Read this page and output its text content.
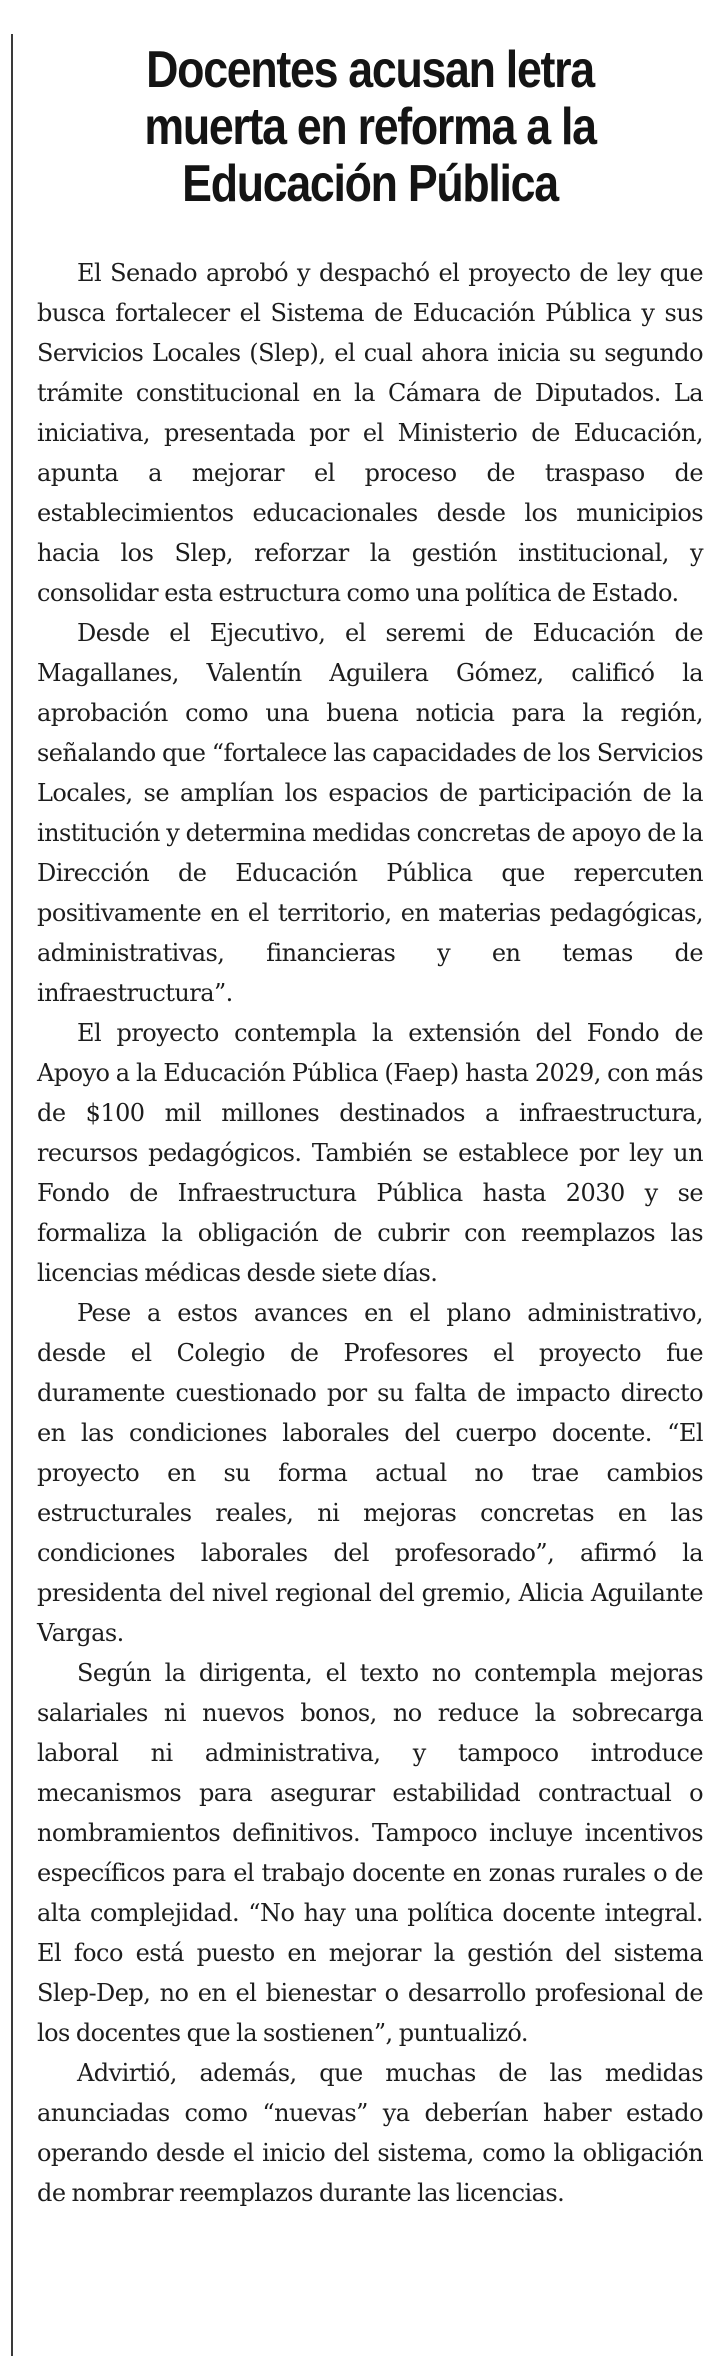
Docentes acusan letra muerta en reforma a la Educación Pública

El Senado aprobó y despachó el proyecto de ley que busca fortalecer el Sistema de Educación Pública y sus Servicios Locales (Slep), el cual ahora inicia su segundo trámite constitucional en la Cámara de Diputados. La iniciativa, presentada por el Ministerio de Educación, apunta a mejorar el proceso de traspaso de establecimientos educacionales desde los municipios hacia los Slep, reforzar la gestión institucional, y consolidar esta estructura como una política de Estado.

Desde el Ejecutivo, el seremi de Educación de Magallanes, Valentín Aguilera Gómez, calificó la aprobación como una buena noticia para la región, señalando que “fortalece las capacidades de los Servicios Locales, se amplían los espacios de participación de la institución y determina medidas concretas de apoyo de la Dirección de Educación Pública que repercuten positivamente en el territorio, en materias pedagógicas, administrativas, financieras y en temas de infraestructura”.

El proyecto contempla la extensión del Fondo de Apoyo a la Educación Pública (Faep) hasta 2029, con más de $100 mil millones destinados a infraestructura, recursos pedagógicos. También se establece por ley un Fondo de Infraestructura Pública hasta 2030 y se formaliza la obligación de cubrir con reemplazos las licencias médicas desde siete días.

Pese a estos avances en el plano administrativo, desde el Colegio de Profesores el proyecto fue duramente cuestionado por su falta de impacto directo en las condiciones laborales del cuerpo docente. “El proyecto en su forma actual no trae cambios estructurales reales, ni mejoras concretas en las condiciones laborales del profesorado”, afirmó la presidenta del nivel regional del gremio, Alicia Aguilante Vargas.

Según la dirigenta, el texto no contempla mejoras salariales ni nuevos bonos, no reduce la sobrecarga laboral ni administrativa, y tampoco introduce mecanismos para asegurar estabilidad contractual o nombramientos definitivos. Tampoco incluye incentivos específicos para el trabajo docente en zonas rurales o de alta complejidad. “No hay una política docente integral. El foco está puesto en mejorar la gestión del sistema Slep-Dep, no en el bienestar o desarrollo profesional de los docentes que la sostienen”, puntualizó.

Advirtió, además, que muchas de las medidas anunciadas como “nuevas” ya deberían haber estado operando desde el inicio del sistema, como la obligación de nombrar reemplazos durante las licencias.
